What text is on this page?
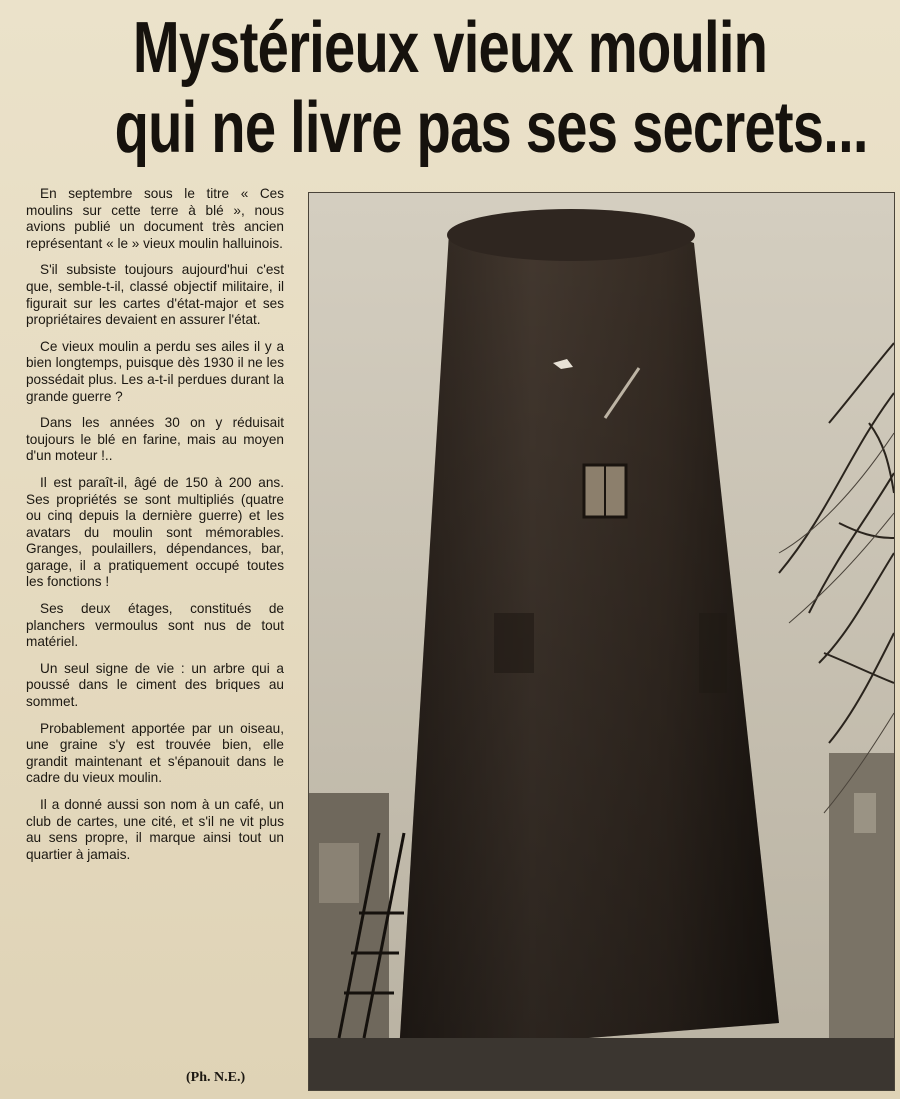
Mystérieux vieux moulin
qui ne livre pas ses secrets...

En septembre sous le titre « Ces moulins sur cette terre à blé », nous avions publié un document très ancien représentant « le » vieux moulin halluinois.

S'il subsiste toujours aujourd'hui c'est que, semble-t-il, classé objectif militaire, il figurait sur les cartes d'état-major et ses propriétaires devaient en assurer l'état.

Ce vieux moulin a perdu ses ailes il y a bien longtemps, puisque dès 1930 il ne les possédait plus. Les a-t-il perdues durant la grande guerre ?

Dans les années 30 on y réduisait toujours le blé en farine, mais au moyen d'un moteur !..

Il est paraît-il, âgé de 150 à 200 ans. Ses propriétés se sont multipliés (quatre ou cinq depuis la dernière guerre) et les avatars du moulin sont mémorables. Granges, poulaillers, dépendances, bar, garage, il a pratiquement occupé toutes les fonctions !

Ses deux étages, constitués de planchers vermoulus sont nus de tout matériel.

Un seul signe de vie : un arbre qui a poussé dans le ciment des briques au sommet.

Probablement apportée par un oiseau, une graine s'y est trouvée bien, elle grandit maintenant et s'épanouit dans le cadre du vieux moulin.

Il a donné aussi son nom à un café, un club de cartes, une cité, et s'il ne vit plus au sens propre, il marque ainsi tout un quartier à jamais.

(Ph. N.E.)
